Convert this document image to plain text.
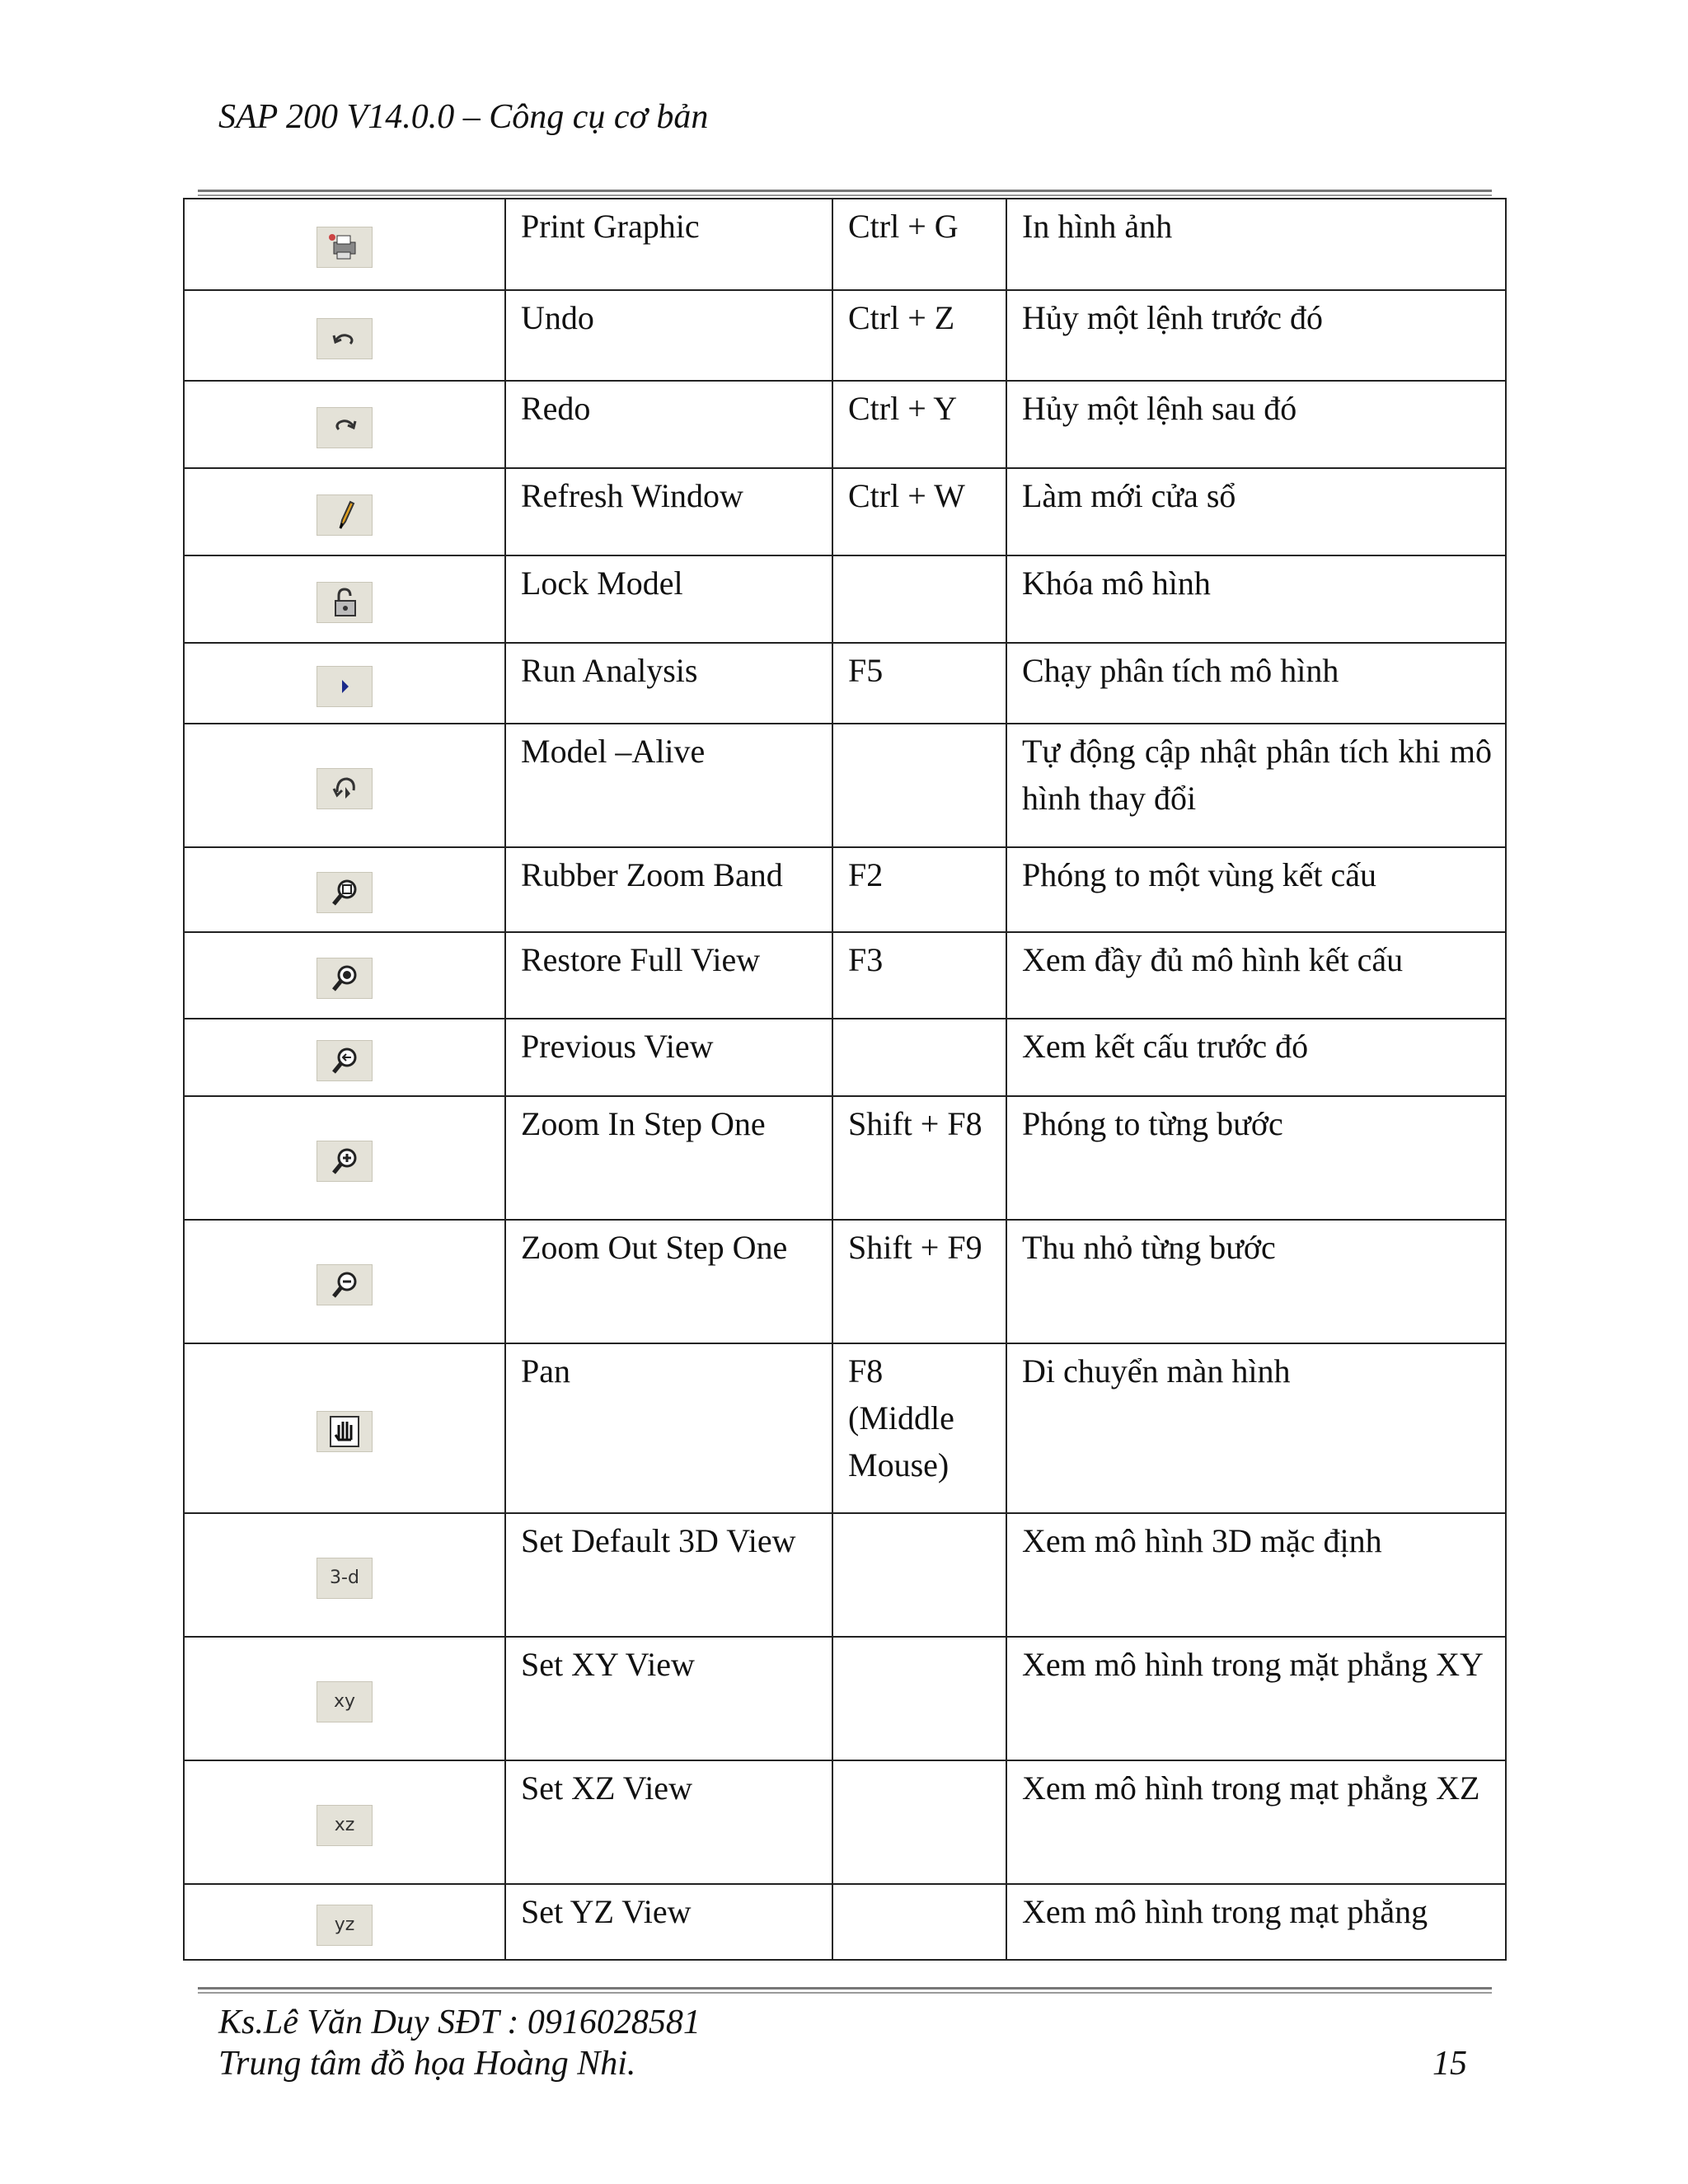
SAP 200 V14.0.0 – Công cụ cơ bản
	Print Graphic	Ctrl + G	In hình ảnh

	Undo	Ctrl + Z	Hủy một lệnh trước đó

	Redo	Ctrl + Y	Hủy một lệnh sau đó

	Refresh Window	Ctrl + W	Làm mới cửa sổ

	Lock Model		Khóa mô hình

	Run Analysis	F5	Chạy phân tích mô hình

	Model –Alive		Tự động cập nhật phân tích khi mô hình thay đổi

	Rubber Zoom Band	F2	Phóng to một vùng kết cấu

	Restore Full View	F3	Xem đầy đủ mô hình kết cấu

	Previous View		Xem kết cấu trước đó

	Zoom In Step One	Shift + F8	Phóng to từng bước

	Zoom Out Step One	Shift + F9	Thu nhỏ từng bước

	Pan	F8 (Middle Mouse)	Di chuyển màn hình

3-d	Set Default 3D View		Xem mô hình 3D mặc định

xy	Set XY View		Xem mô hình trong mặt phẳng XY

xz	Set XZ View		Xem mô hình trong mạt phẳng XZ

yz	Set YZ View		Xem mô hình trong mạt phẳng
Ks.Lê Văn Duy SĐT : 0916028581
Trung tâm đồ họa Hoàng Nhi.	15
